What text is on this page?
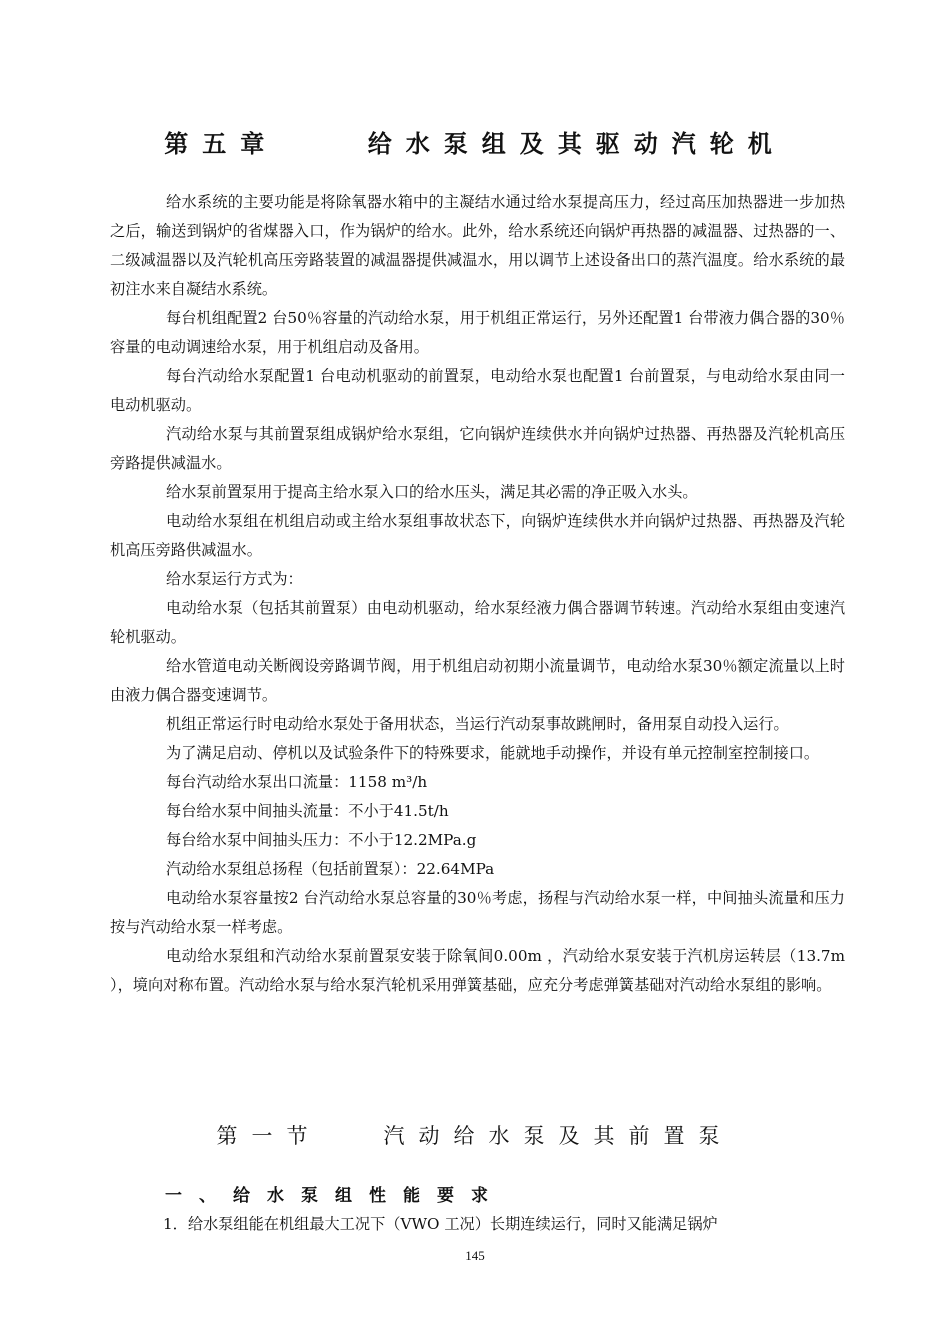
第五章    给水泵组及其驱动汽轮机

给水系统的主要功能是将除氧器水箱中的主凝结水通过给水泵提高压力，经过高压加热器进一步加热之后，输送到锅炉的省煤器入口，作为锅炉的给水。此外，给水系统还向锅炉再热器的减温器、过热器的一、二级减温器以及汽轮机高压旁路装置的减温器提供减温水，用以调节上述设备出口的蒸汽温度。给水系统的最初注水来自凝结水系统。

每台机组配置2 台50％容量的汽动给水泵，用于机组正常运行，另外还配置1 台带液力偶合器的30％容量的电动调速给水泵，用于机组启动及备用。

每台汽动给水泵配置1 台电动机驱动的前置泵，电动给水泵也配置1 台前置泵，与电动给水泵由同一电动机驱动。

汽动给水泵与其前置泵组成锅炉给水泵组，它向锅炉连续供水并向锅炉过热器、再热器及汽轮机高压旁路提供减温水。

给水泵前置泵用于提高主给水泵入口的给水压头，满足其必需的净正吸入水头。

电动给水泵组在机组启动或主给水泵组事故状态下，向锅炉连续供水并向锅炉过热器、再热器及汽轮机高压旁路供减温水。

给水泵运行方式为：

电动给水泵（包括其前置泵）由电动机驱动，给水泵经液力偶合器调节转速。汽动给水泵组由变速汽轮机驱动。

给水管道电动关断阀设旁路调节阀，用于机组启动初期小流量调节，电动给水泵30％额定流量以上时由液力偶合器变速调节。

机组正常运行时电动给水泵处于备用状态，当运行汽动泵事故跳闸时，备用泵自动投入运行。

为了满足启动、停机以及试验条件下的特殊要求，能就地手动操作，并设有单元控制室控制接口。

每台汽动给水泵出口流量：1158 m³/h

每台给水泵中间抽头流量：不小于41.5t/h

每台给水泵中间抽头压力：不小于12.2MPa.g

汽动给水泵组总扬程（包括前置泵）：22.64MPa

电动给水泵容量按2 台汽动给水泵总容量的30％考虑，扬程与汽动给水泵一样，中间抽头流量和压力按与汽动给水泵一样考虑。

电动给水泵组和汽动给水泵前置泵安装于除氧间0.00m ，汽动给水泵安装于汽机房运转层（13.7m ），境向对称布置。汽动给水泵与给水泵汽轮机采用弹簧基础，应充分考虑弹簧基础对汽动给水泵组的影响。

第一节   汽动给水泵及其前置泵
一、给水泵组性能要求
1．给水泵组能在机组最大工况下（VWO 工况）长期连续运行，同时又能满足锅炉
145
